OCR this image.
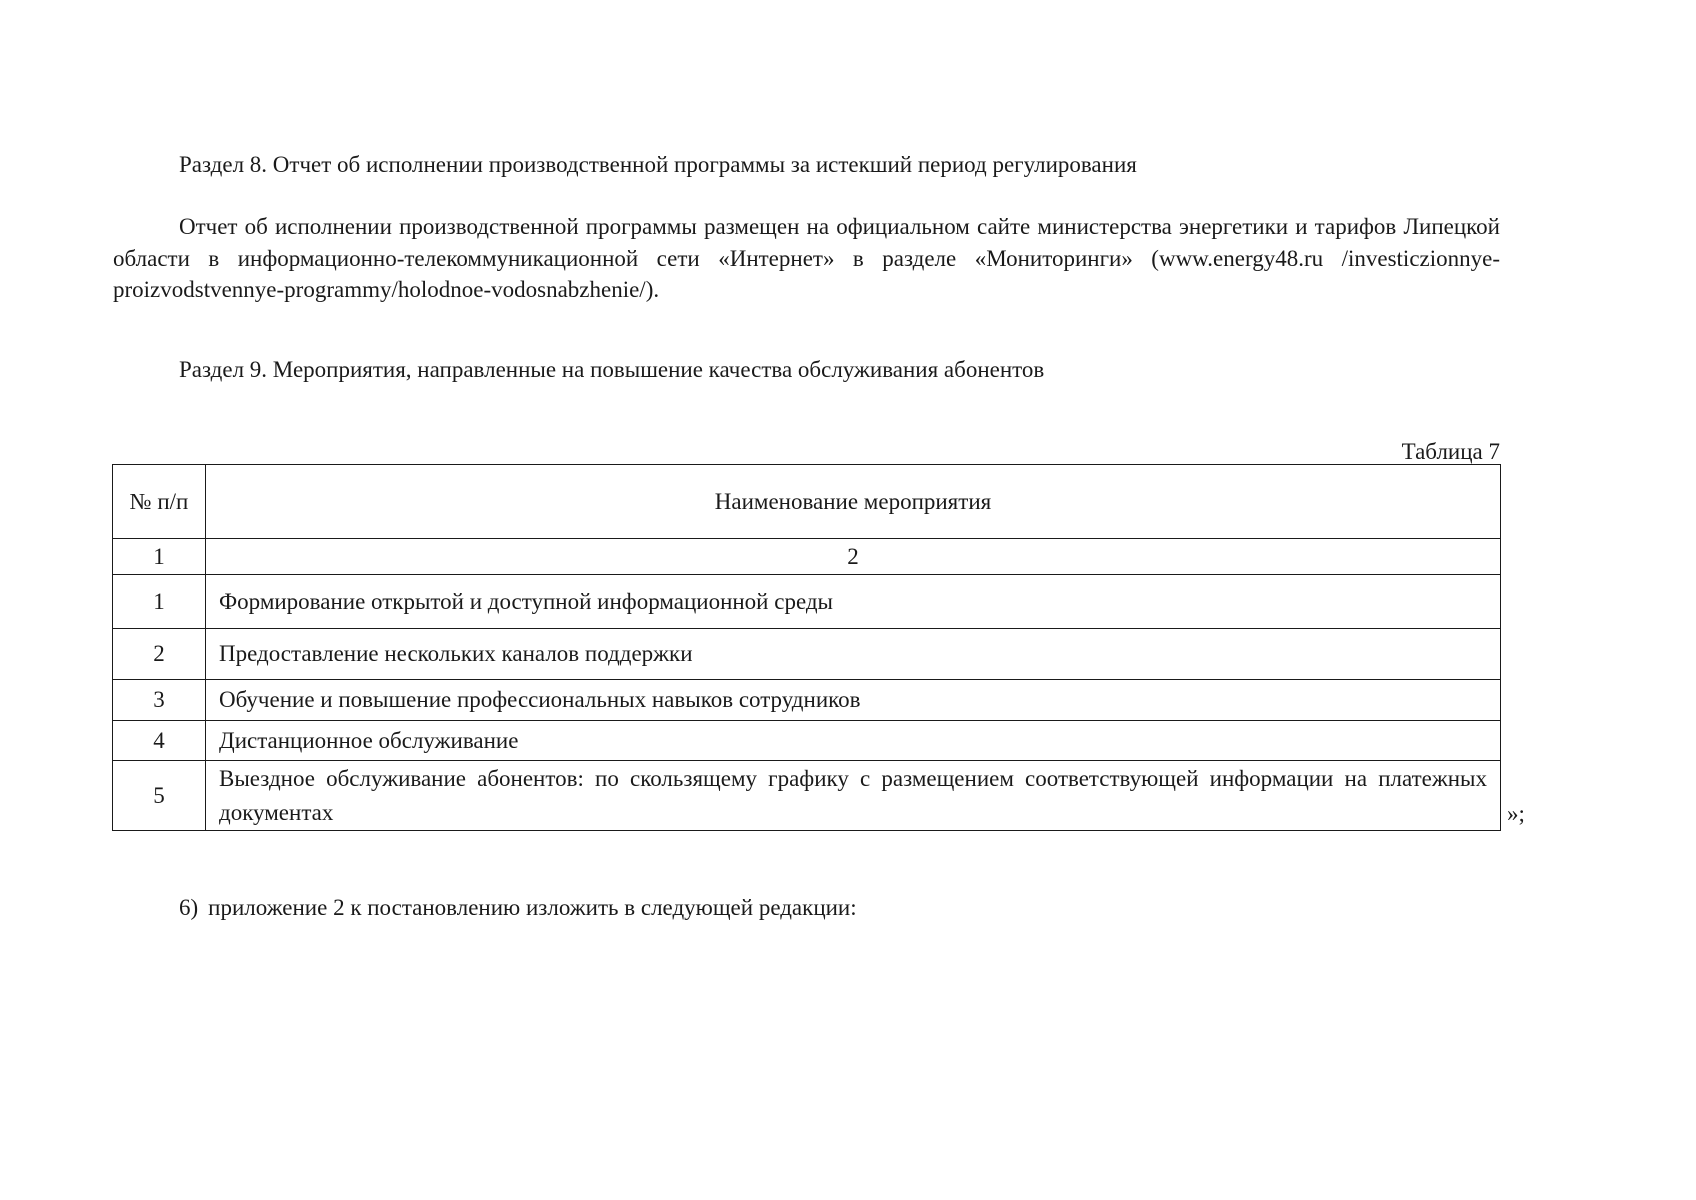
Раздел 8. Отчет об исполнении производственной программы за истекший период регулирования
Отчет об исполнении производственной программы размещен на официальном сайте министерства энергетики и тарифов Липецкой области в информационно-телекоммуникационной сети «Интернет» в разделе «Мониторинги» (www.energy48.ru /investiczionnye-proizvodstvennye-programmy/holodnoe-vodosnabzhenie/).
Раздел 9. Мероприятия, направленные на повышение качества обслуживания абонентов
Таблица 7
№ п/п	Наименование мероприятия
1	2
1	Формирование открытой и доступной информационной среды
2	Предоставление нескольких каналов поддержки
3	Обучение и повышение профессиональных навыков сотрудников
4	Дистанционное обслуживание
5	Выездное обслуживание абонентов: по скользящему графику с размещением соответствующей информации на платежных документах	»;
6) приложение 2 к постановлению изложить в следующей редакции:
